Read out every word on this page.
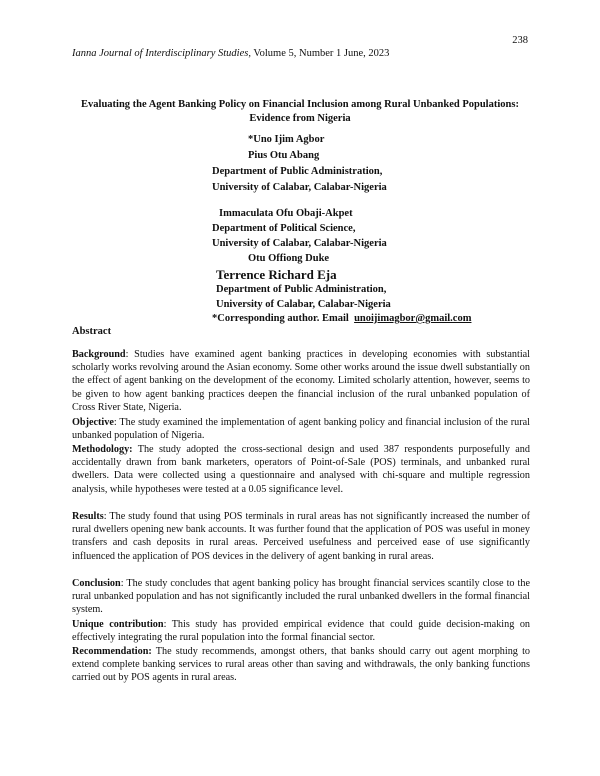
238
Ianna Journal of Interdisciplinary Studies, Volume 5, Number 1 June, 2023
Evaluating the Agent Banking Policy on Financial Inclusion among Rural Unbanked Populations: Evidence from Nigeria
*Uno Ijim Agbor
Pius Otu Abang
Department of Public Administration,
University of Calabar, Calabar-Nigeria
Immaculata Ofu Obaji-Akpet
Department of Political Science,
University of Calabar, Calabar-Nigeria
Otu Offiong Duke
Terrence Richard Eja
Department of Public Administration,
University of Calabar, Calabar-Nigeria
*Corresponding author. Email unoijimagbor@gmail.com
Abstract
Background: Studies have examined agent banking practices in developing economies with substantial scholarly works revolving around the Asian economy. Some other works around the issue dwell substantially on the effect of agent banking on the development of the economy. Limited scholarly attention, however, seems to be given to how agent banking practices deepen the financial inclusion of the rural unbanked population of Cross River State, Nigeria.
Objective: The study examined the implementation of agent banking policy and financial inclusion of the rural unbanked population of Nigeria.
Methodology: The study adopted the cross-sectional design and used 387 respondents purposefully and accidentally drawn from bank marketers, operators of Point-of-Sale (POS) terminals, and unbanked rural dwellers. Data were collected using a questionnaire and analysed with chi-square and multiple regression analysis, while hypotheses were tested at a 0.05 significance level.
Results: The study found that using POS terminals in rural areas has not significantly increased the number of rural dwellers opening new bank accounts. It was further found that the application of POS was useful in money transfers and cash deposits in rural areas. Perceived usefulness and perceived ease of use significantly influenced the application of POS devices in the delivery of agent banking in rural areas.
Conclusion: The study concludes that agent banking policy has brought financial services scantily close to the rural unbanked population and has not significantly included the rural unbanked dwellers in the formal financial system.
Unique contribution: This study has provided empirical evidence that could guide decision-making on effectively integrating the rural population into the formal financial sector.
Recommendation: The study recommends, amongst others, that banks should carry out agent morphing to extend complete banking services to rural areas other than saving and withdrawals, the only banking functions carried out by POS agents in rural areas.
